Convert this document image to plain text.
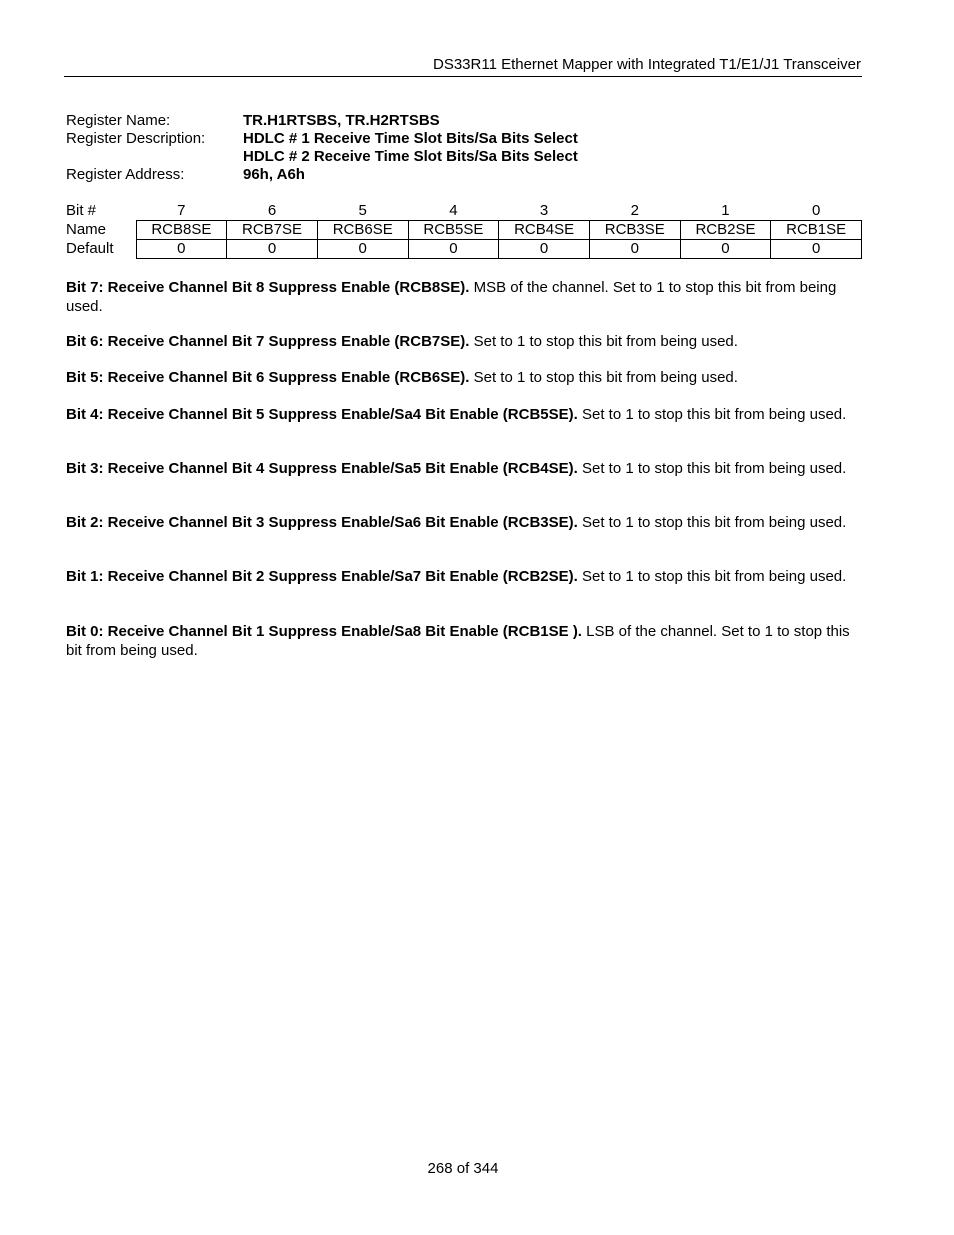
DS33R11 Ethernet Mapper with Integrated T1/E1/J1 Transceiver
Register Name:	TR.H1RTSBS, TR.H2RTSBS
Register Description:	HDLC # 1 Receive Time Slot Bits/Sa Bits Select
HDLC # 2 Receive Time Slot Bits/Sa Bits Select
Register Address:	96h, A6h
Bit #	7	6	5	4	3	2	1	0
Name	RCB8SE	RCB7SE	RCB6SE	RCB5SE	RCB4SE	RCB3SE	RCB2SE	RCB1SE
Default	0	0	0	0	0	0	0	0

Bit 7: Receive Channel Bit 8 Suppress Enable (RCB8SE). MSB of the channel. Set to 1 to stop this bit from being used.

Bit 6: Receive Channel Bit 7 Suppress Enable (RCB7SE). Set to 1 to stop this bit from being used.

Bit 5: Receive Channel Bit 6 Suppress Enable (RCB6SE). Set to 1 to stop this bit from being used.

Bit 4: Receive Channel Bit 5 Suppress Enable/Sa4 Bit Enable (RCB5SE). Set to 1 to stop this bit from being used.

Bit 3: Receive Channel Bit 4 Suppress Enable/Sa5 Bit Enable (RCB4SE). Set to 1 to stop this bit from being used.

Bit 2: Receive Channel Bit 3 Suppress Enable/Sa6 Bit Enable (RCB3SE). Set to 1 to stop this bit from being used.

Bit 1: Receive Channel Bit 2 Suppress Enable/Sa7 Bit Enable (RCB2SE). Set to 1 to stop this bit from being used.

Bit 0: Receive Channel Bit 1 Suppress Enable/Sa8 Bit Enable (RCB1SE ). LSB of the channel. Set to 1 to stop this bit from being used.

268 of 344
